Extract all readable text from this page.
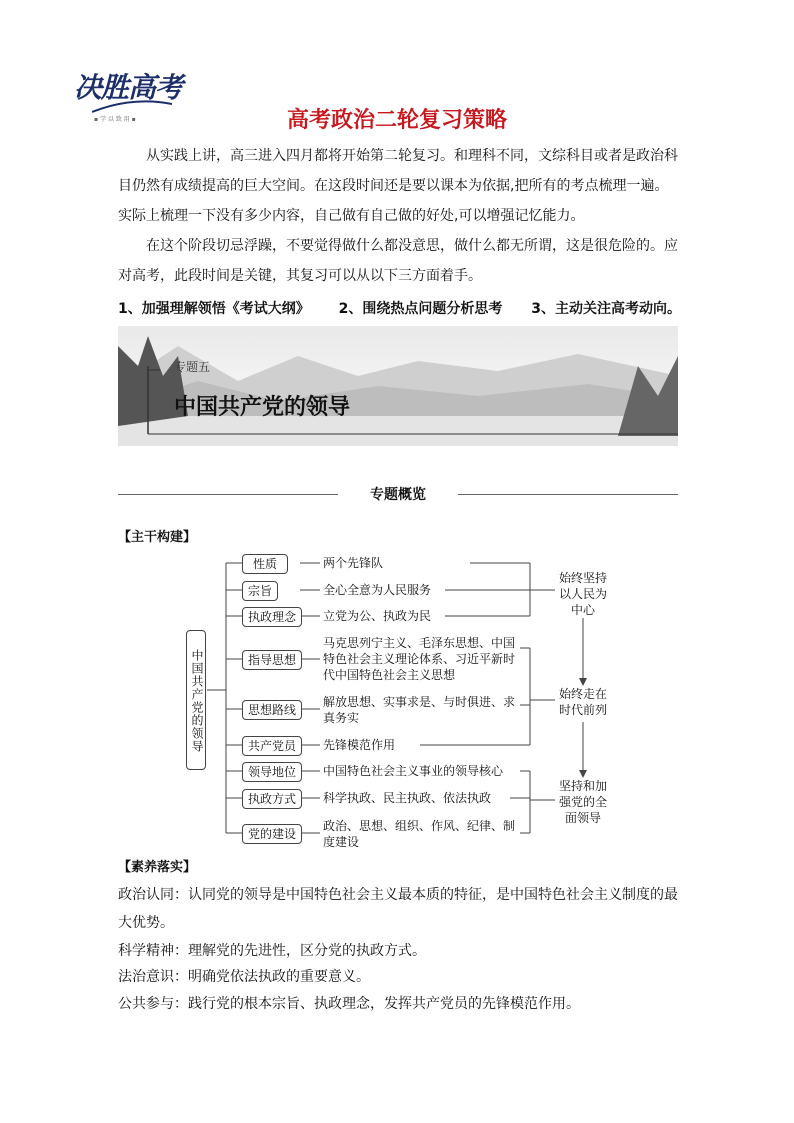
决胜高考
▪ 学 以 致 用 ▪	高考政治二轮复习策略

从实践上讲，高三进入四月都将开始第二轮复习。和理科不同，文综科目或者是政治科目仍然有成绩提高的巨大空间。在这段时间还是要以课本为依据,把所有的考点梳理一遍。实际上梳理一下没有多少内容，自己做有自己做的好处,可以增强记忆能力。

在这个阶段切忌浮躁，不要觉得做什么都没意思，做什么都无所谓，这是很危险的。应对高考，此段时间是关键，其复习可以从以下三方面着手。

1、加强理解领悟《考试大纲》 2、围绕热点问题分析思考 3、主动关注高考动向。
专题五
中国共产党的领导
专题概览
【主干构建】
中国共产党的领导
性质
宗旨
执政理念
指导思想
思想路线
共产党员
领导地位
执政方式
党的建设
两个先锋队
全心全意为人民服务
立党为公、执政为民
马克思列宁主义、毛泽东思想、中国特色社会主义理论体系、习近平新时代中国特色社会主义思想
解放思想、实事求是、与时俱进、求真务实
先锋模范作用
中国特色社会主义事业的领导核心
科学执政、民主执政、依法执政
政治、思想、组织、作风、纪律、制度建设
始终坚持以人民为中心
始终走在时代前列
坚持和加强党的全面领导
【素养落实】
政治认同：认同党的领导是中国特色社会主义最本质的特征，是中国特色社会主义制度的最大优势。
科学精神：理解党的先进性，区分党的执政方式。
法治意识：明确党依法执政的重要意义。
公共参与：践行党的根本宗旨、执政理念，发挥共产党员的先锋模范作用。
